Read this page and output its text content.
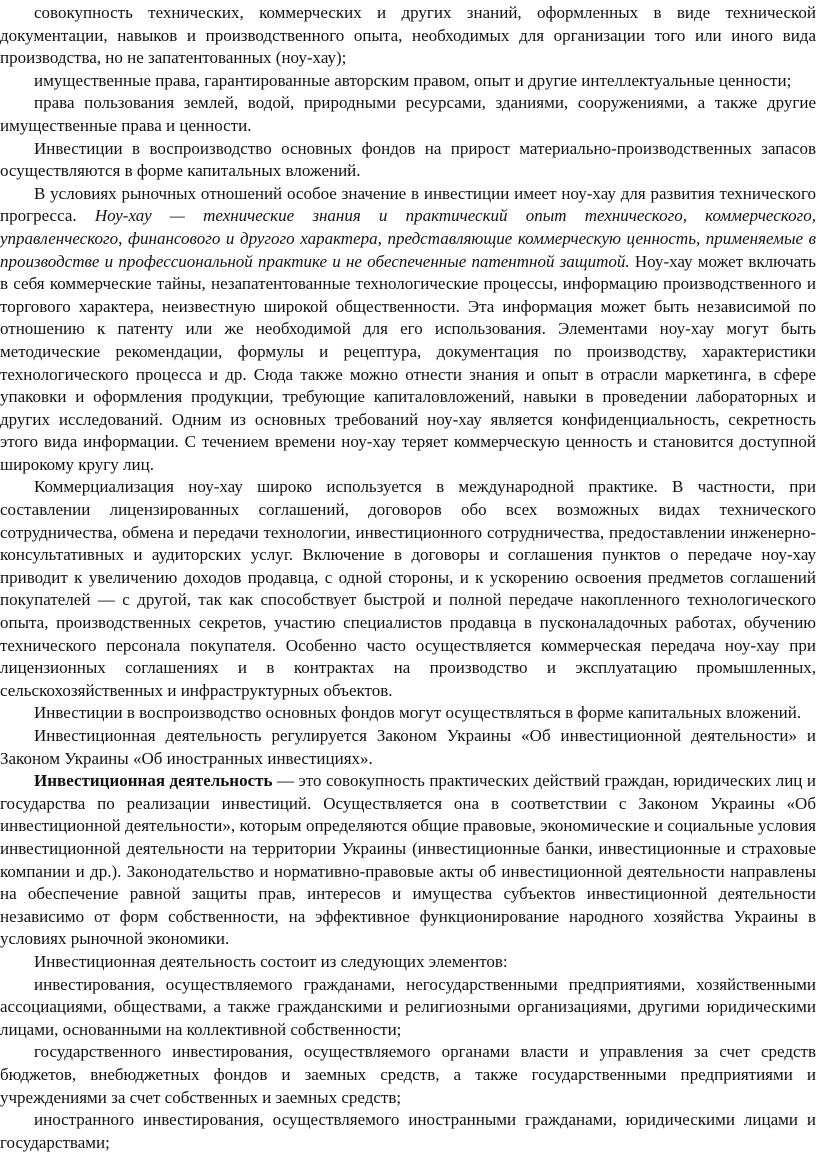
совокупность технических, коммерческих и других знаний, оформленных в виде технической документации, навыков и производственного опыта, необходимых для организации того или иного вида производства, но не запатентованных (ноу-хау);

имущественные права, гарантированные авторским правом, опыт и другие интеллектуальные ценности;

права пользования землей, водой, природными ресурсами, зданиями, сооружениями, а также другие имущественные права и ценности.

Инвестиции в воспроизводство основных фондов на прирост материально-производственных запасов осуществляются в форме капитальных вложений.

В условиях рыночных отношений особое значение в инвестиции имеет ноу-хау для развития технического прогресса. Ноу-хау — технические знания и практический опыт технического, коммерческого, управленческого, финансового и другого характера, представляющие коммерческую ценность, применяемые в производстве и профессиональной практике и не обеспеченные патентной защитой. Ноу-хау может включать в себя коммерческие тайны, незапатентованные технологические процессы, информацию производственного и торгового характера, неизвестную широкой общественности. Эта информация может быть независимой по отношению к патенту или же необходимой для его использования. Элементами ноу-хау могут быть методические рекомендации, формулы и рецептура, документация по производству, характеристики технологического процесса и др. Сюда также можно отнести знания и опыт в отрасли маркетинга, в сфере упаковки и оформления продукции, требующие капиталовложений, навыки в проведении лабораторных и других исследований. Одним из основных требований ноу-хау является конфиденциальность, секретность этого вида информации. С течением времени ноу-хау теряет коммерческую ценность и становится доступной широкому кругу лиц.

Коммерциализация ноу-хау широко используется в международной практике. В частности, при составлении лицензированных соглашений, договоров обо всех возможных видах технического сотрудничества, обмена и передачи технологии, инвестиционного сотрудничества, предоставлении инженерно-консультативных и аудиторских услуг. Включение в договоры и соглашения пунктов о передаче ноу-хау приводит к увеличению доходов продавца, с одной стороны, и к ускорению освоения предметов соглашений покупателей — с другой, так как способствует быстрой и полной передаче накопленного технологического опыта, производственных секретов, участию специалистов продавца в пусконаладочных работах, обучению технического персонала покупателя. Особенно часто осуществляется коммерческая передача ноу-хау при лицензионных соглашениях и в контрактах на производство и эксплуатацию промышленных, сельскохозяйственных и инфраструктурных объектов.

Инвестиции в воспроизводство основных фондов могут осуществляться в форме капитальных вложений.

Инвестиционная деятельность регулируется Законом Украины «Об инвестиционной деятельности» и Законом Украины «Об иностранных инвестициях».

Инвестиционная деятельность — это совокупность практических действий граждан, юридических лиц и государства по реализации инвестиций. Осуществляется она в соответствии с Законом Украины «Об инвестиционной деятельности», которым определяются общие правовые, экономические и социальные условия инвестиционной деятельности на территории Украины (инвестиционные банки, инвестиционные и страховые компании и др.). Законодательство и нормативно-правовые акты об инвестиционной деятельности направлены на обеспечение равной защиты прав, интересов и имущества субъектов инвестиционной деятельности независимо от форм собственности, на эффективное функционирование народного хозяйства Украины в условиях рыночной экономики.

Инвестиционная деятельность состоит из следующих элементов:

инвестирования, осуществляемого гражданами, негосударственными предприятиями, хозяйственными ассоциациями, обществами, а также гражданскими и религиозными организациями, другими юридическими лицами, основанными на коллективной собственности;

государственного инвестирования, осуществляемого органами власти и управления за счет средств бюджетов, внебюджетных фондов и заемных средств, а также государственными предприятиями и учреждениями за счет собственных и заемных средств;

иностранного инвестирования, осуществляемого иностранными гражданами, юридическими лицами и государствами;
